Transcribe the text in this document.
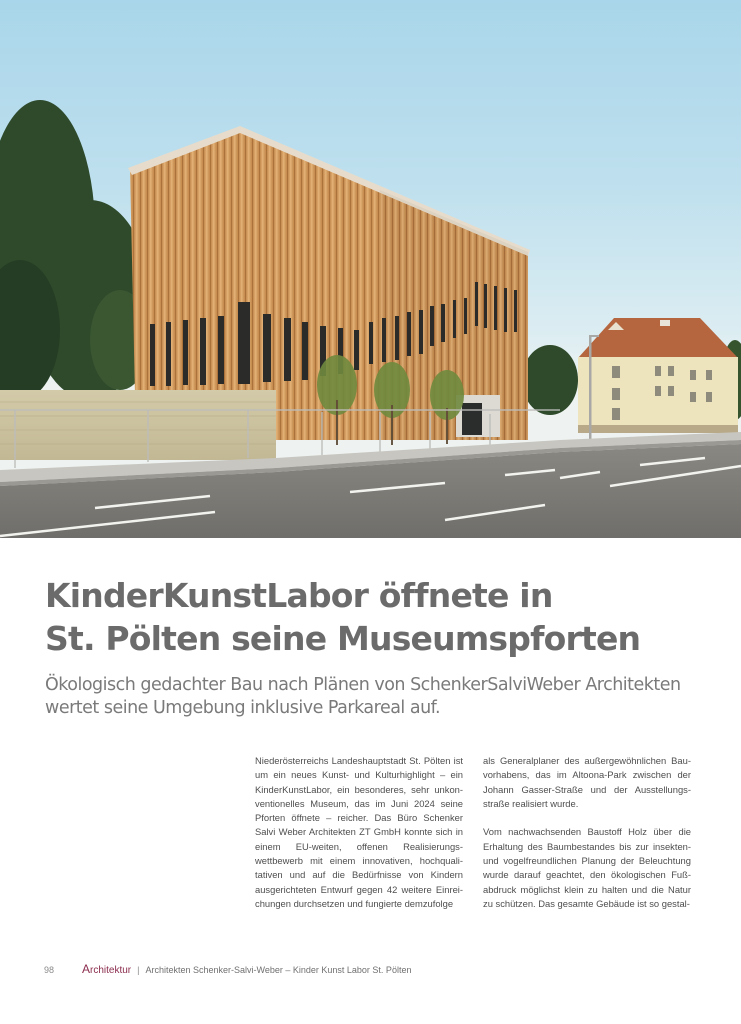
KinderKunstLabor öffnete in
St. Pölten seine Museumspforten
Ökologisch gedachter Bau nach Plänen von SchenkerSalviWeber Architekten
wertet seine Umgebung inklusive Parkareal auf.

Niederösterreichs Landeshauptstadt St. Pölten ist um ein neues Kunst- und Kulturhighlight – ein KinderKunstLabor, ein besonderes, sehr unkonventionelles Museum, das im Juni 2024 seine Pforten öffnete – reicher. Das Büro Schenker Salvi Weber Architekten ZT GmbH konnte sich in einem EU-weiten, offenen Realisierungswettbewerb mit einem innovativen, hochqualitativen und auf die Bedürfnisse von Kindern ausgerichteten Entwurf gegen 42 weitere Einreichungen durchsetzen und fungierte demzufolge

als Generalplaner des außergewöhnlichen Bauvorhabens, das im Altoona-Park zwischen der Johann Gasser-Straße und der Ausstellungsstraße realisiert wurde.

Vom nachwachsenden Baustoff Holz über die Erhaltung des Baumbestandes bis zur insekten- und vogelfreundlichen Planung der Beleuchtung wurde darauf geachtet, den ökologischen Fußabdruck möglichst klein zu halten und die Natur zu schützen. Das gesamte Gebäude ist so gestal-

98	Architektur | Architekten Schenker-Salvi-Weber – Kinder Kunst Labor St. Pölten
